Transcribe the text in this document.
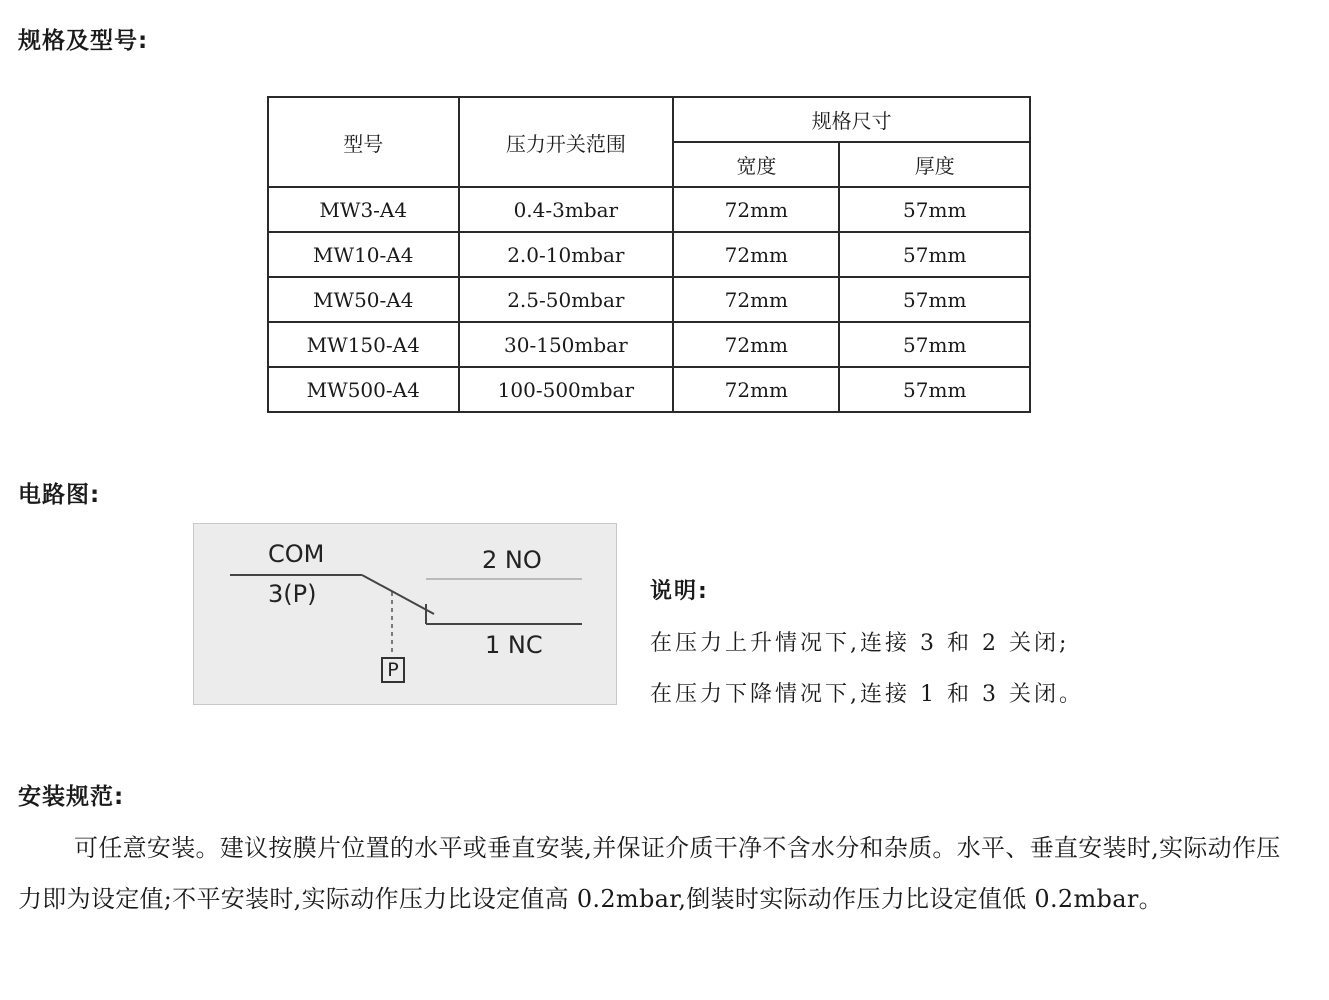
规格及型号:
型号	压力开关范围	规格尺寸	
		宽度	厚度
MW3-A4	0.4-3mbar	72mm	57mm
MW10-A4	2.0-10mbar	72mm	57mm
MW50-A4	2.5-50mbar	72mm	57mm
MW150-A4	30-150mbar	72mm	57mm
MW500-A4	100-500mbar	72mm	57mm
电路图:
COM
3(P)
2 NO
1 NC
P
说明:
在压力上升情况下,连接 3 和 2 关闭;
在压力下降情况下,连接 1 和 3 关闭。
安装规范:

可任意安装。建议按膜片位置的水平或垂直安装,并保证介质干净不含水分和杂质。水平、垂直安装时,实际动作压力即为设定值;不平安装时,实际动作压力比设定值高 0.2mbar,倒装时实际动作压力比设定值低 0.2mbar。
